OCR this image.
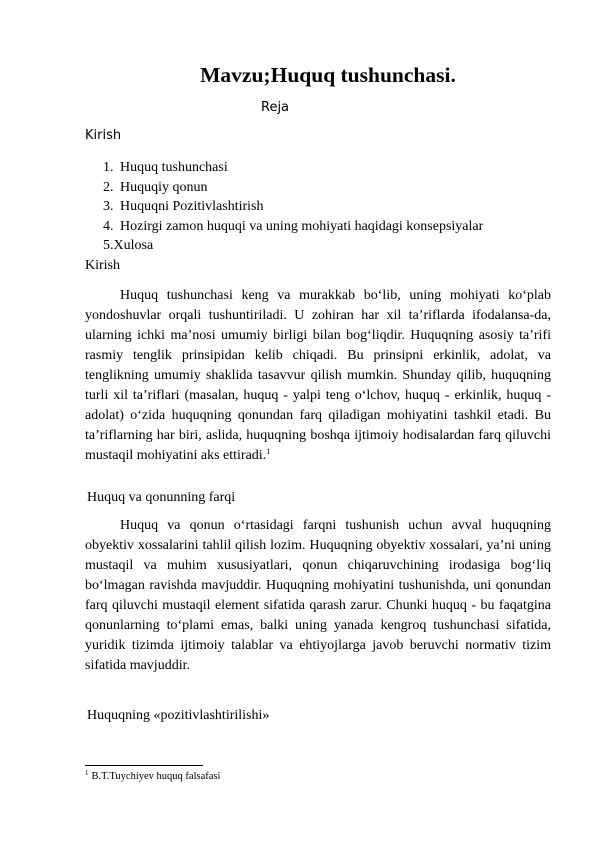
Mavzu;Huquq tushunchasi.
Reja
Kirish
1. Huquq tushunchasi
2. Huquqiy qonun
3. Huquqni Pozitivlashtirish
4. Hozirgi zamon huquqi va uning mohiyati haqidagi konsepsiyalar
5.Xulosa
Kirish

Huquq tushunchasi keng va murakkab bo‘lib, uning mohiyati ko‘plab yondoshuvlar orqali tushuntiriladi. U zohiran har xil ta’riflarda ifodalansa-da, ularning ichki ma’nosi umumiy birligi bilan bog‘liqdir. Huquqning asosiy ta’rifi rasmiy tenglik prinsipidan kelib chiqadi. Bu prinsipni erkinlik, adolat, va tenglikning umumiy shaklida tasavvur qilish mumkin. Shunday qilib, huquqning turli xil ta’riflari (masalan, huquq - yalpi teng o‘lchov, huquq - erkinlik, huquq - adolat) o‘zida huquqning qonundan farq qiladigan mohiyatini tashkil etadi. Bu ta’riflarning har biri, aslida, huquqning boshqa ijtimoiy hodisalardan farq qiluvchi mustaqil mohiyatini aks ettiradi.$^1$

Huquq va qonunning farqi

Huquq va qonun o‘rtasidagi farqni tushunish uchun avval huquqning obyektiv xossalarini tahlil qilish lozim. Huquqning obyektiv xossalari, ya’ni uning mustaqil va muhim xususiyatlari, qonun chiqaruvchining irodasiga bog‘liq bo‘lmagan ravishda mavjuddir. Huquqning mohiyatini tushunishda, uni qonundan farq qiluvchi mustaqil element sifatida qarash zarur. Chunki huquq - bu faqatgina qonunlarning to‘plami emas, balki uning yanada kengroq tushunchasi sifatida, yuridik tizimda ijtimoiy talablar va ehtiyojlarga javob beruvchi normativ tizim sifatida mavjuddir.

Huquqning «pozitivlashtirilishi»
$^1$ B.T.Tuychiyev huquq falsafasi
